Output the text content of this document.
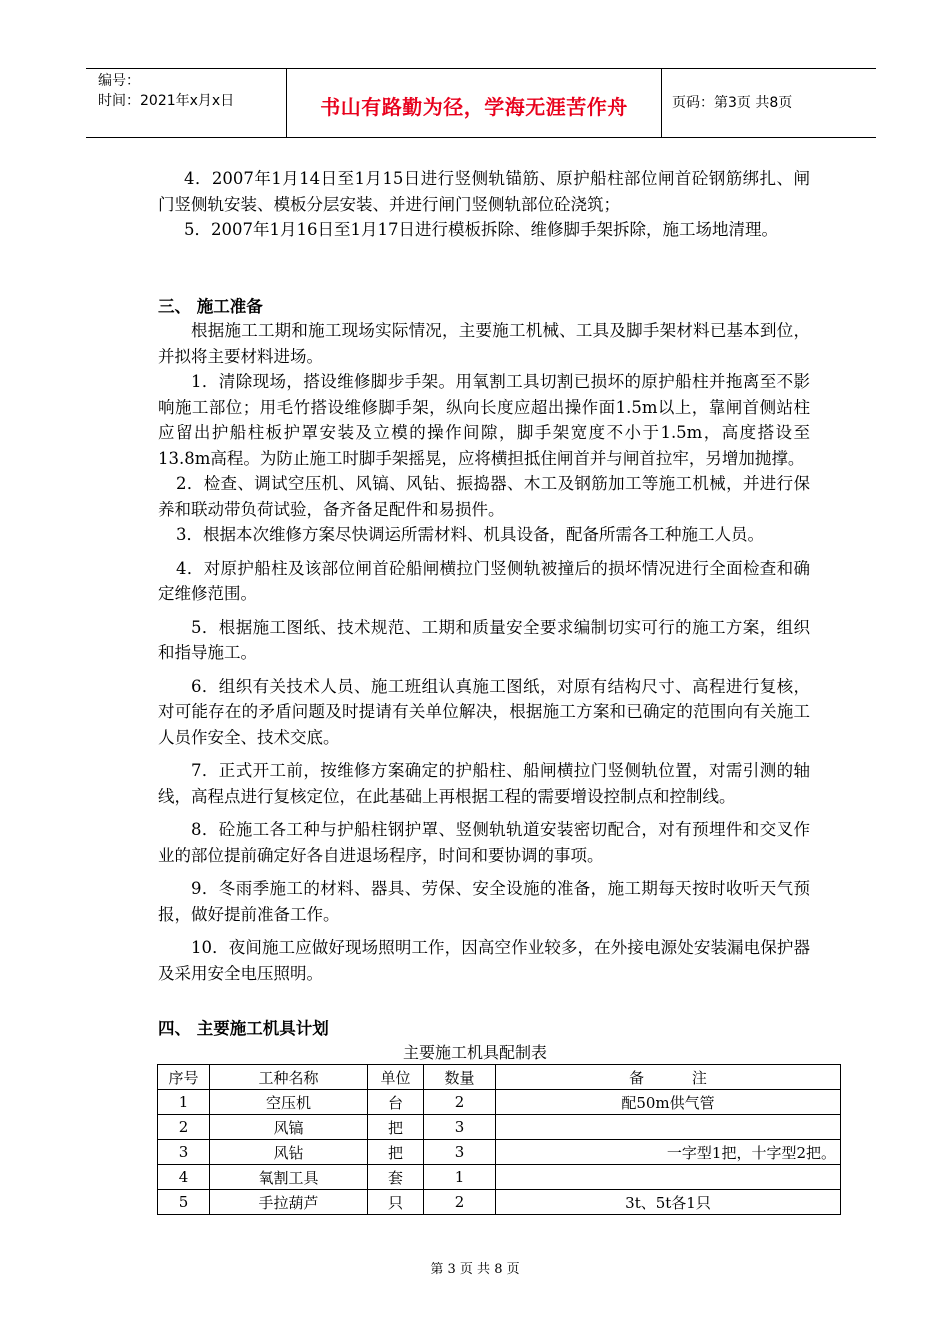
编号：
时间：2021年x月x日	书山有路勤为径，学海无涯苦作舟	页码：第3页 共8页

4．2007年1月14日至1月15日进行竖侧轨锚筋、原护船柱部位闸首砼钢筋绑扎、闸门竖侧轨安装、模板分层安装、并进行闸门竖侧轨部位砼浇筑；

5．2007年1月16日至1月17日进行模板拆除、维修脚手架拆除，施工场地清理。

三、 施工准备

根据施工工期和施工现场实际情况，主要施工机械、工具及脚手架材料已基本到位，并拟将主要材料进场。

1．清除现场，搭设维修脚步手架。用氧割工具切割已损坏的原护船柱并拖离至不影响施工部位；用毛竹搭设维修脚手架，纵向长度应超出操作面1.5m以上，靠闸首侧站柱应留出护船柱板护罩安装及立模的操作间隙，脚手架宽度不小于1.5m，高度搭设至13.8m高程。为防止施工时脚手架摇晃，应将横担抵住闸首并与闸首拉牢，另增加抛撑。

2．检查、调试空压机、风镐、风钻、振捣器、木工及钢筋加工等施工机械，并进行保养和联动带负荷试验，备齐备足配件和易损件。

3．根据本次维修方案尽快调运所需材料、机具设备，配备所需各工种施工人员。

4．对原护船柱及该部位闸首砼船闸横拉门竖侧轨被撞后的损坏情况进行全面检查和确定维修范围。

5．根据施工图纸、技术规范、工期和质量安全要求编制切实可行的施工方案，组织和指导施工。

6．组织有关技术人员、施工班组认真施工图纸，对原有结构尺寸、高程进行复核，对可能存在的矛盾问题及时提请有关单位解决，根据施工方案和已确定的范围向有关施工人员作安全、技术交底。

7．正式开工前，按维修方案确定的护船柱、船闸横拉门竖侧轨位置，对需引测的轴线，高程点进行复核定位，在此基础上再根据工程的需要增设控制点和控制线。

8．砼施工各工种与护船柱钢护罩、竖侧轨轨道安装密切配合，对有预埋件和交叉作业的部位提前确定好各自进退场程序，时间和要协调的事项。

9．冬雨季施工的材料、器具、劳保、安全设施的准备，施工期每天按时收听天气预报，做好提前准备工作。

10．夜间施工应做好现场照明工作，因高空作业较多，在外接电源处安装漏电保护器及采用安全电压照明。

四、 主要施工机具计划
主要施工机具配制表
序号	工种名称	单位	数量	备          注
1	空压机	台	2	配50m供气管
2	风镐	把	3	
3	风钻	把	3	一字型1把，十字型2把。
4	氧割工具	套	1	
5	手拉葫芦	只	2	3t、5t各1只
第 3 页 共 8 页
